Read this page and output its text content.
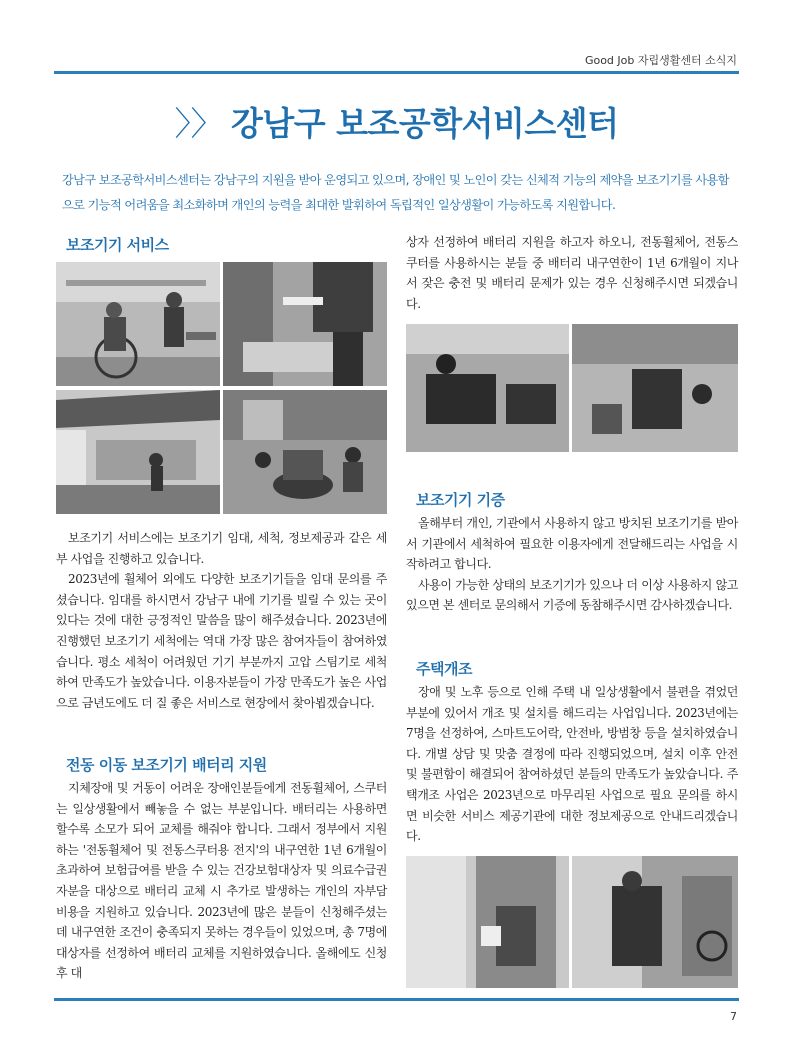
Good Job 자립생활센터 소식지
〉〉 강남구 보조공학서비스센터
강남구 보조공학서비스센터는 강남구의 지원을 받아 운영되고 있으며, 장애인 및 노인이 갖는 신체적 기능의 제약을 보조기기를 사용함으로 기능적 어려움을 최소화하며 개인의 능력을 최대한 발휘하여 독립적인 일상생활이 가능하도록 지원합니다.
보조기기 서비스

보조기기 서비스에는 보조기기 임대, 세척, 정보제공과 같은 세부 사업을 진행하고 있습니다.

2023년에 휠체어 외에도 다양한 보조기기들을 임대 문의를 주셨습니다. 임대를 하시면서 강남구 내에 기기를 빌릴 수 있는 곳이 있다는 것에 대한 긍정적인 말씀을 많이 해주셨습니다. 2023년에 진행했던 보조기기 세척에는 역대 가장 많은 참여자들이 참여하였습니다. 평소 세척이 어려웠던 기기 부분까지 고압 스팀기로 세척하여 만족도가 높았습니다. 이용자분들이 가장 만족도가 높은 사업으로 금년도에도 더 질 좋은 서비스로 현장에서 찾아뵙겠습니다.

전동 이동 보조기기 배터리 지원

지체장애 및 거동이 어려운 장애인분들에게 전동휠체어, 스쿠터는 일상생활에서 빼놓을 수 없는 부분입니다. 배터리는 사용하면 할수록 소모가 되어 교체를 해줘야 합니다. 그래서 정부에서 지원하는 '전동휠체어 및 전동스쿠터용 전지'의 내구연한 1년 6개월이 초과하여 보험급여를 받을 수 있는 건강보험대상자 및 의료수급권자분을 대상으로 배터리 교체 시 추가로 발생하는 개인의 자부담 비용을 지원하고 있습니다. 2023년에 많은 분들이 신청해주셨는데 내구연한 조건이 충족되지 못하는 경우들이 있었으며, 총 7명에 대상자를 선정하여 배터리 교체를 지원하였습니다. 올해에도 신청 후 대

상자 선정하여 배터리 지원을 하고자 하오니, 전동휠체어, 전동스쿠터를 사용하시는 분들 중 배터리 내구연한이 1년 6개월이 지나서 잦은 충전 및 배터리 문제가 있는 경우 신청해주시면 되겠습니다.

보조기기 기증

올해부터 개인, 기관에서 사용하지 않고 방치된 보조기기를 받아서 기관에서 세척하여 필요한 이용자에게 전달해드리는 사업을 시작하려고 합니다.

사용이 가능한 상태의 보조기기가 있으나 더 이상 사용하지 않고 있으면 본 센터로 문의해서 기증에 동참해주시면 감사하겠습니다.

주택개조

장애 및 노후 등으로 인해 주택 내 일상생활에서 불편을 겪었던 부분에 있어서 개조 및 설치를 해드리는 사업입니다. 2023년에는 7명을 선정하여, 스마트도어락, 안전바, 방범창 등을 설치하였습니다. 개별 상담 및 맞춤 결정에 따라 진행되었으며, 설치 이후 안전 및 불편함이 해결되어 참여하셨던 분들의 만족도가 높았습니다. 주택개조 사업은 2023년으로 마무리된 사업으로 필요 문의를 하시면 비슷한 서비스 제공기관에 대한 정보제공으로 안내드리겠습니다.

7
